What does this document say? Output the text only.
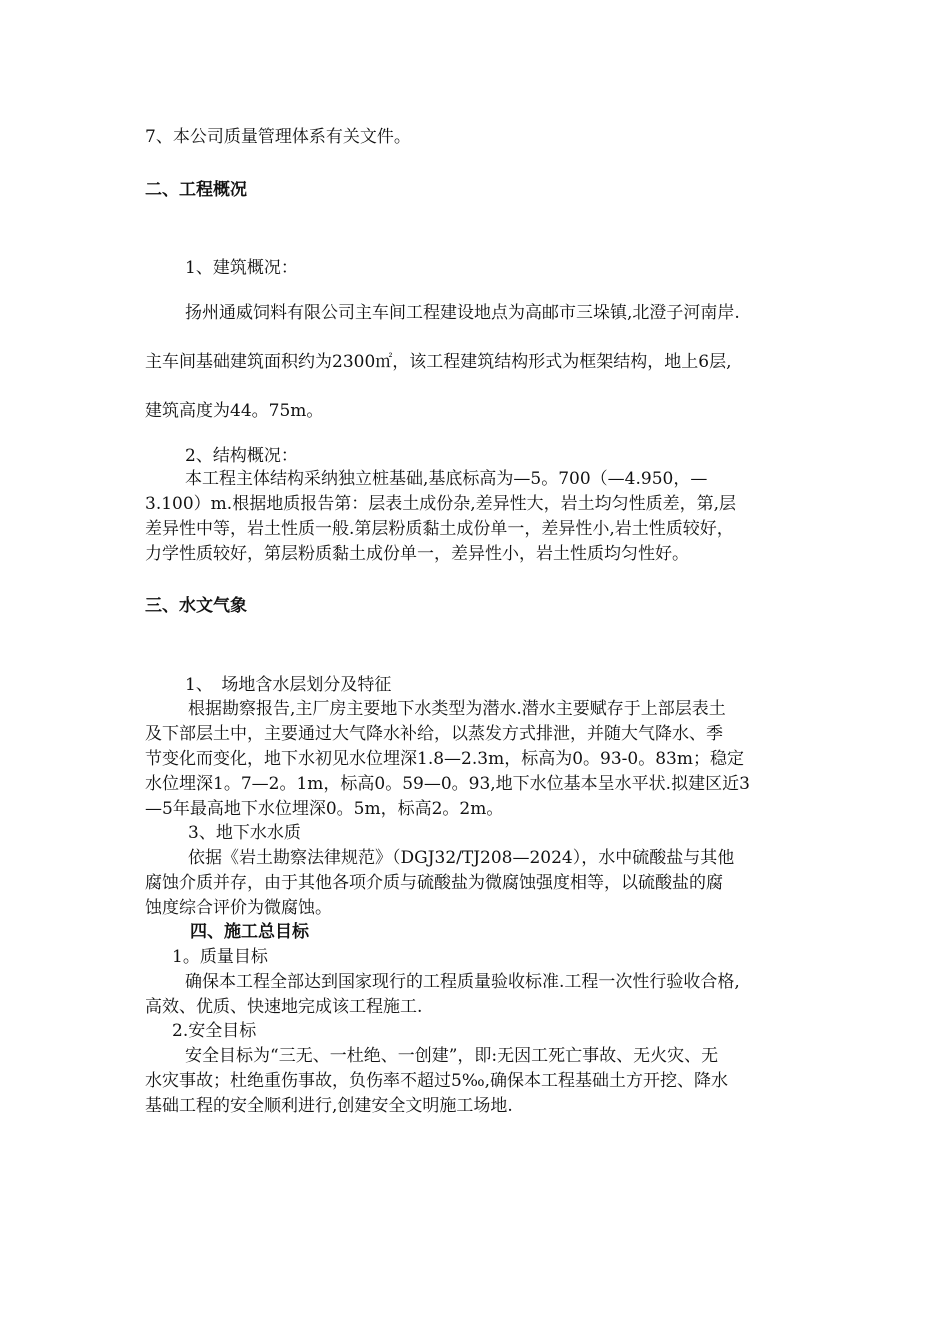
7、本公司质量管理体系有关文件。

二、工程概况

1、建筑概况：

扬州通威饲料有限公司主车间工程建设地点为高邮市三垛镇,北澄子河南岸.

主车间基础建筑面积约为2300㎡，该工程建筑结构形式为框架结构，地上6层,

建筑高度为44。75m。

2、结构概况：

本工程主体结构采纳独立桩基础,基底标高为—5。700（—4.950，—

3.100）m.根据地质报告第：层表土成份杂,差异性大，岩土均匀性质差，第,层

差异性中等，岩土性质一般.第层粉质黏土成份单一，差异性小,岩土性质较好，

力学性质较好，第层粉质黏土成份单一，差异性小，岩土性质均匀性好。

三、水文气象

1、　场地含水层划分及特征

根据勘察报告,主厂房主要地下水类型为潜水.潜水主要赋存于上部层表土

及下部层土中，主要通过大气降水补给，以蒸发方式排泄，并随大气降水、季

节变化而变化，地下水初见水位埋深1.8—2.3m，标高为0。93-0。83m；稳定

水位埋深1。7—2。1m，标高0。59—0。93,地下水位基本呈水平状.拟建区近3

—5年最高地下水位埋深0。5m，标高2。2m。

3、地下水水质

依据《岩土勘察法律规范》（DGJ32/TJ208—2024），水中硫酸盐与其他

腐蚀介质并存，由于其他各项介质与硫酸盐为微腐蚀强度相等，以硫酸盐的腐

蚀度综合评价为微腐蚀。

四、施工总目标

1。质量目标

确保本工程全部达到国家现行的工程质量验收标准.工程一次性行验收合格,

高效、优质、快速地完成该工程施工.

2.安全目标

安全目标为“三无、一杜绝、一创建”，即:无因工死亡事故、无火灾、无

水灾事故；杜绝重伤事故，负伤率不超过5‰,确保本工程基础土方开挖、降水

基础工程的安全顺利进行,创建安全文明施工场地.
